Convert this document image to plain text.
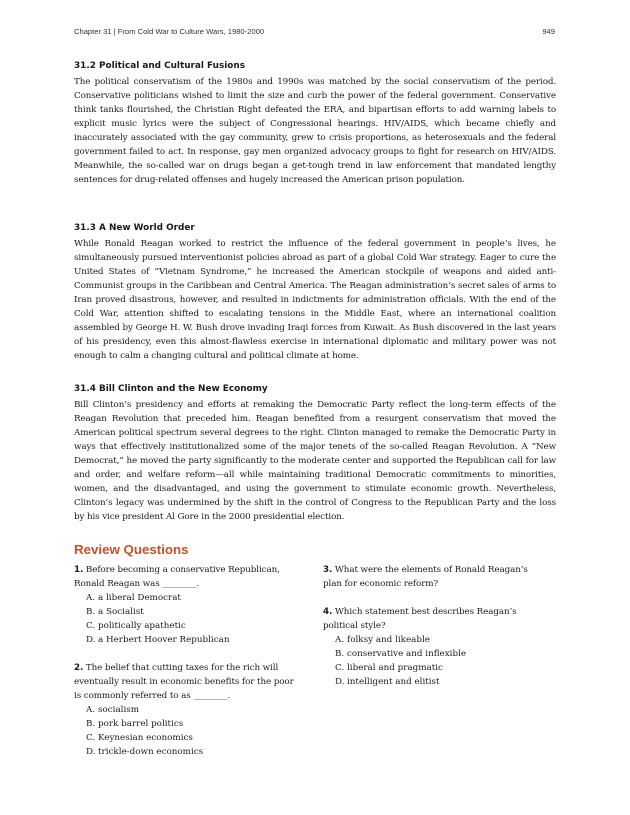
Chapter 31 | From Cold War to Culture Wars, 1980-2000	949
31.2 Political and Cultural Fusions

The political conservatism of the 1980s and 1990s was matched by the social conservatism of the period. Conservative politicians wished to limit the size and curb the power of the federal government. Conservative think tanks flourished, the Christian Right defeated the ERA, and bipartisan efforts to add warning labels to explicit music lyrics were the subject of Congressional hearings. HIV/AIDS, which became chiefly and inaccurately associated with the gay community, grew to crisis proportions, as heterosexuals and the federal government failed to act. In response, gay men organized advocacy groups to fight for research on HIV/AIDS. Meanwhile, the so-called war on drugs began a get-tough trend in law enforcement that mandated lengthy sentences for drug-related offenses and hugely increased the American prison population.

31.3 A New World Order

While Ronald Reagan worked to restrict the influence of the federal government in people’s lives, he simultaneously pursued interventionist policies abroad as part of a global Cold War strategy. Eager to cure the United States of “Vietnam Syndrome,” he increased the American stockpile of weapons and aided anti-Communist groups in the Caribbean and Central America. The Reagan administration’s secret sales of arms to Iran proved disastrous, however, and resulted in indictments for administration officials. With the end of the Cold War, attention shifted to escalating tensions in the Middle East, where an international coalition assembled by George H. W. Bush drove invading Iraqi forces from Kuwait. As Bush discovered in the last years of his presidency, even this almost-flawless exercise in international diplomatic and military power was not enough to calm a changing cultural and political climate at home.

31.4 Bill Clinton and the New Economy

Bill Clinton’s presidency and efforts at remaking the Democratic Party reflect the long-term effects of the Reagan Revolution that preceded him. Reagan benefited from a resurgent conservatism that moved the American political spectrum several degrees to the right. Clinton managed to remake the Democratic Party in ways that effectively institutionalized some of the major tenets of the so-called Reagan Revolution. A “New Democrat,” he moved the party significantly to the moderate center and supported the Republican call for law and order, and welfare reform—all while maintaining traditional Democratic commitments to minorities, women, and the disadvantaged, and using the government to stimulate economic growth. Nevertheless, Clinton’s legacy was undermined by the shift in the control of Congress to the Republican Party and the loss by his vice president Al Gore in the 2000 presidential election.

Review Questions

1. Before becoming a conservative Republican,
Ronald Reagan was ________.

A. a liberal Democrat
B. a Socialist
C. politically apathetic
D. a Herbert Hoover Republican

2. The belief that cutting taxes for the rich will
eventually result in economic benefits for the poor
is commonly referred to as ________.

A. socialism
B. pork barrel politics
C. Keynesian economics
D. trickle-down economics

3. What were the elements of Ronald Reagan’s
plan for economic reform?

4. Which statement best describes Reagan’s
political style?

A. folksy and likeable
B. conservative and inflexible
C. liberal and pragmatic
D. intelligent and elitist
